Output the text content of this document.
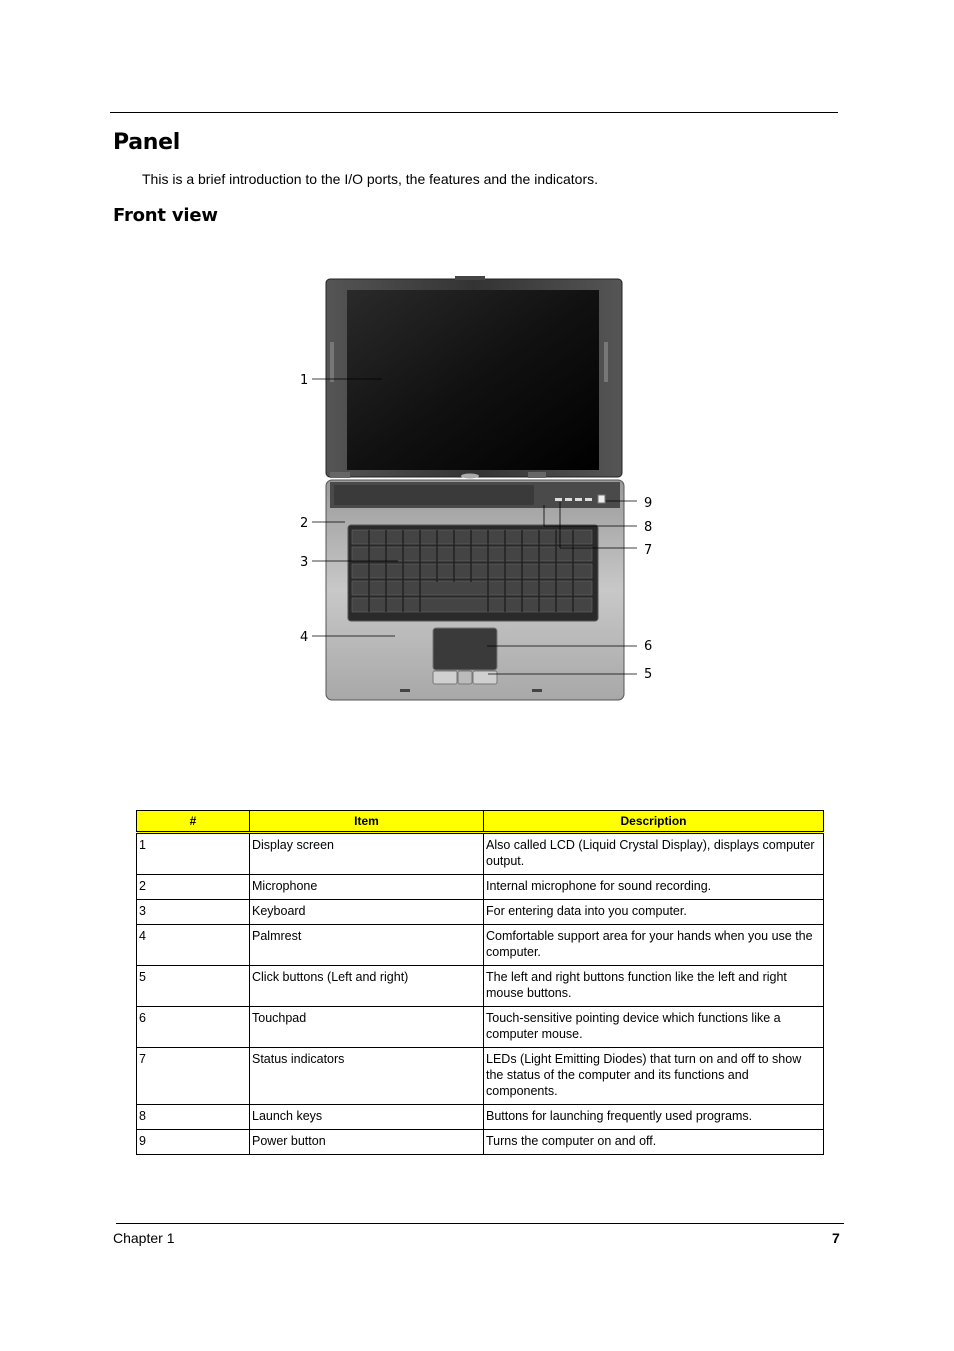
Panel
This is a brief introduction to the I/O ports, the features and the indicators.
Front view
1
2
3
4
5
6
7
8
9
#	Item	Description
1	Display screen	Also called LCD (Liquid Crystal Display), displays computer output.
2	Microphone	Internal microphone for sound recording.
3	Keyboard	For entering data into you computer.
4	Palmrest	Comfortable support area for your hands when you use the computer.
5	Click buttons (Left and right)	The left and right buttons function like the left and right mouse buttons.
6	Touchpad	Touch-sensitive pointing device which functions like a computer mouse.
7	Status indicators	LEDs (Light Emitting Diodes) that turn on and off to show the status of the computer and its functions and components.
8	Launch keys	Buttons for launching frequently used programs.
9	Power button	Turns the computer on and off.
Chapter 1	7
